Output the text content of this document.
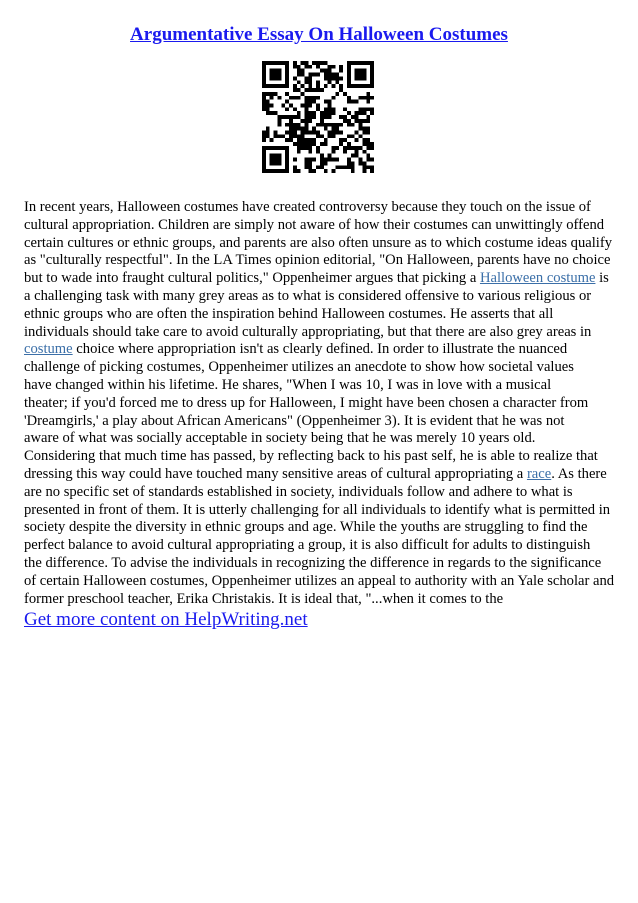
Argumentative Essay On Halloween Costumes
In recent years, Halloween costumes have created controversy because they touch on the issue of
cultural appropriation. Children are simply not aware of how their costumes can unwittingly offend
certain cultures or ethnic groups, and parents are also often unsure as to which costume ideas qualify
as "culturally respectful". In the LA Times opinion editorial, "On Halloween, parents have no choice
but to wade into fraught cultural politics," Oppenheimer argues that picking a Halloween costume is
a challenging task with many grey areas as to what is considered offensive to various religious or
ethnic groups who are often the inspiration behind Halloween costumes. He asserts that all
individuals should take care to avoid culturally appropriating, but that there are also grey areas in
costume choice where appropriation isn't as clearly defined. In order to illustrate the nuanced
challenge of picking costumes, Oppenheimer utilizes an anecdote to show how societal values
have changed within his lifetime. He shares, "When I was 10, I was in love with a musical
theater; if you'd forced me to dress up for Halloween, I might have been chosen a character from
'Dreamgirls,' a play about African Americans" (Oppenheimer 3). It is evident that he was not
aware of what was socially acceptable in society being that he was merely 10 years old.
Considering that much time has passed, by reflecting back to his past self, he is able to realize that
dressing this way could have touched many sensitive areas of cultural appropriating a race. As there
are no specific set of standards established in society, individuals follow and adhere to what is
presented in front of them. It is utterly challenging for all individuals to identify what is permitted in
society despite the diversity in ethnic groups and age. While the youths are struggling to find the
perfect balance to avoid cultural appropriating a group, it is also difficult for adults to distinguish
the difference. To advise the individuals in recognizing the difference in regards to the significance
of certain Halloween costumes, Oppenheimer utilizes an appeal to authority with an Yale scholar and
former preschool teacher, Erika Christakis. It is ideal that, "...when it comes to the
Get more content on HelpWriting.net
